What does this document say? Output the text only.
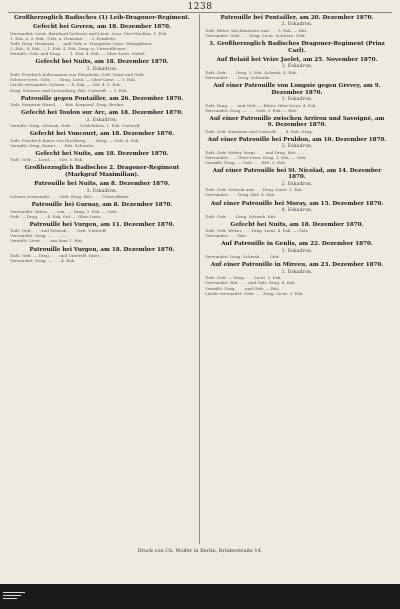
1238
Großherzoglich Badisches (1) Leib-Dragoner-Regiment.
Gefecht bei Gevren, am 18. Dezember 1870.
Verwundet: Lieut. Bernhard (schwer) und Lieut. Lenz, Vice-Wachtm. 1. Esk.
1. Esk. u. 3. Esk., Gefr. u. Gemeine . . . 2. Estafette.
Todt: Drag. Hermann . . . und Gefr. u. Trompeter Lieut. Weingärtner.
2. Esk.; 4. Esk. — 1. Esk. 4. Esk. Drag. u. Unterofficiere.
Vermißt: Gefr. und Drag. . . . 1. Esk. 4. Esk. — Ober-Lieut. Siebel.
Gefecht bei Nuits, am 18. Dezember 1870.
2. Eskadron.
Todt: Friedrich Kaltenmann von Pforzheim, Gefr. Vater und Gefr.
Schwer verw.: Gefr. . . . Drag. Lieut. — Ober-Lieut. — 3. Esk.
Leicht verwundet: Schwer — 4. Esk. — Gef. 4. 1. Esk.
Drag. Schwarz und Leutenberg, Ritt. Unteroff. — 3. Esk.
Patrouille gegen Pontailler, am 26. Dezember 1870.
Todt: Sergeant Hirzel, . . . Ritt. Korporal. Drag. Brehm.
Gefecht bei Toulon sur Arc, am 18. Dezember 1870.
2. Eskadron.
Vermißt: Drag. Schwab, Gefr. . . . Schlehdorn, 1. Esk. Unteroff.
Gefecht bei Voncourt, am 18. Dezember 1870.
Todt: Friedrich Bauer von Hochberg, . . . Drag. — Gefr. 4. Esk.
Vermißt: Drag. Kaiser . . . Ritt. Schwabe.
Gefecht bei Nuits, am 18. Dezember 1870.
Todt: Gefr. — Lieut. . . . Gef. 3. Esk.
Großherzoglich Badisches 2. Dragoner-Regiment (Markgraf Maximilian).
Patrouille bei Nuits, am 8. Dezember 1870.
3. Eskadron.
Schwer verwundet: . . . Gefr. Drag. Ritt. . . . Unteroffizier.
Patrouille bei Gurnay, am 8. Dezember 1870.
Verwundet: Ritter, . . . von . . . Drag. 3. Esk. — Gefr. . . .
Gefr. — Drag. . . . 4. Esk. Gef. — Ober-Lieut.
Patrouille bei Vurgen, am 11. Dezember 1870.
Todt: Gefr. . . . und Schwab, . . . Gefr. Unteroff.
Verwundet: Drag. — . . . — . . .
Vermißt: Lieut. . . . aus dem 1. Ritt.
Patrouille bei Vurgen, am 18. Dezember 1870.
Todt: Gefr. — Drag. . . . und Unteroff. Vater, . . .
Verwundet: Drag. — . . . 4. Esk.
Patrouille bei Pontailler, am 20. Dezember 1870.
2. Eskadron.
Todt: Ritter, Wachtmeister und . . . 3. Esk. — Ritt.
Verwundet: Gefr. . . . Drag. Lieut. Schwerz. Gefr.
3. Großherzoglich Badisches Dragoner-Regiment (Prinz Carl).
Auf Relaid bei Veize Jaelet, am 25. November 1870.
3. Eskadron.
Todt: Gefr. . . . Drag. 3. Esk. Schwab. 4. Esk.
Verwundet: . . . Drag. Schwabe.
Auf einer Patrouille von Longuie gegen Grevey, am 9. Dezember 1870.
1. Eskadron.
Todt: Drag. . . . und Gefr. — Ritter, Ober-Lieut. 4. Esk.
Verwundet: Drag. — . . . Gefr. 3. Esk. — Ritt.
Auf einer Patrouille zwischen Arriron und Savoigné, am 9. Dezember 1870.
Todt: Gefr. Hermann und Unteroff. . . . 4. Esk. Drag.
Auf einer Patrouille bei Pruldon, am 10. Dezember 1870.
2. Eskadron.
Todt: Gefr. Weber, Sergt. . . . und Drag. Ritt. . . .
Verwundet: . . . Ober-Lieut. Drag. 1. Esk. — Gefr.
Vermißt: Drag. — Gefr. . . . Ritt. 3. Esk.
Auf einer Patrouille bei St. Nicolad, am 14. Dezember 1870.
2. Eskadron.
Todt: Gefr. Schwab und . . . Drag. Lieut. 1. Esk.
Verwundet: . . . Drag. Ritt. 4. Esk.
Auf einer Patrouille bei Moray, am 15. Dezember 1870.
4. Eskadron.
Todt: Gefr. . . . Drag. Schwab. Ritt.
Gefecht bei Nuits, am 18. Dezember 1870.
Todt: Gefr. Weber, . . . Drag. Lieut. 4. Esk. — Gefr.
Verwundet: . . . Ritt.
Auf Patrouille in Genlis, am 22. Dezember 1870.
1. Eskadron.
Verwundet: Drag. Schwab. . . . Gefr.
Auf einer Patrouille in Mireeu, am 23. Dezember 1870.
2. Eskadron.
Todt: Gefr. — Drag. . . . Lieut. 1. Esk.
Verwundet: Ritt. . . . und Gefr. Drag. 4. Esk.
Vermißt: Drag. . . . und Gefr. — Ritt.
Leicht verwundet: Gefr. . . . Drag. Lieut. 3. Esk.
Druck von Ch. Wolfer in Berlin, Brüderstraße 14.
